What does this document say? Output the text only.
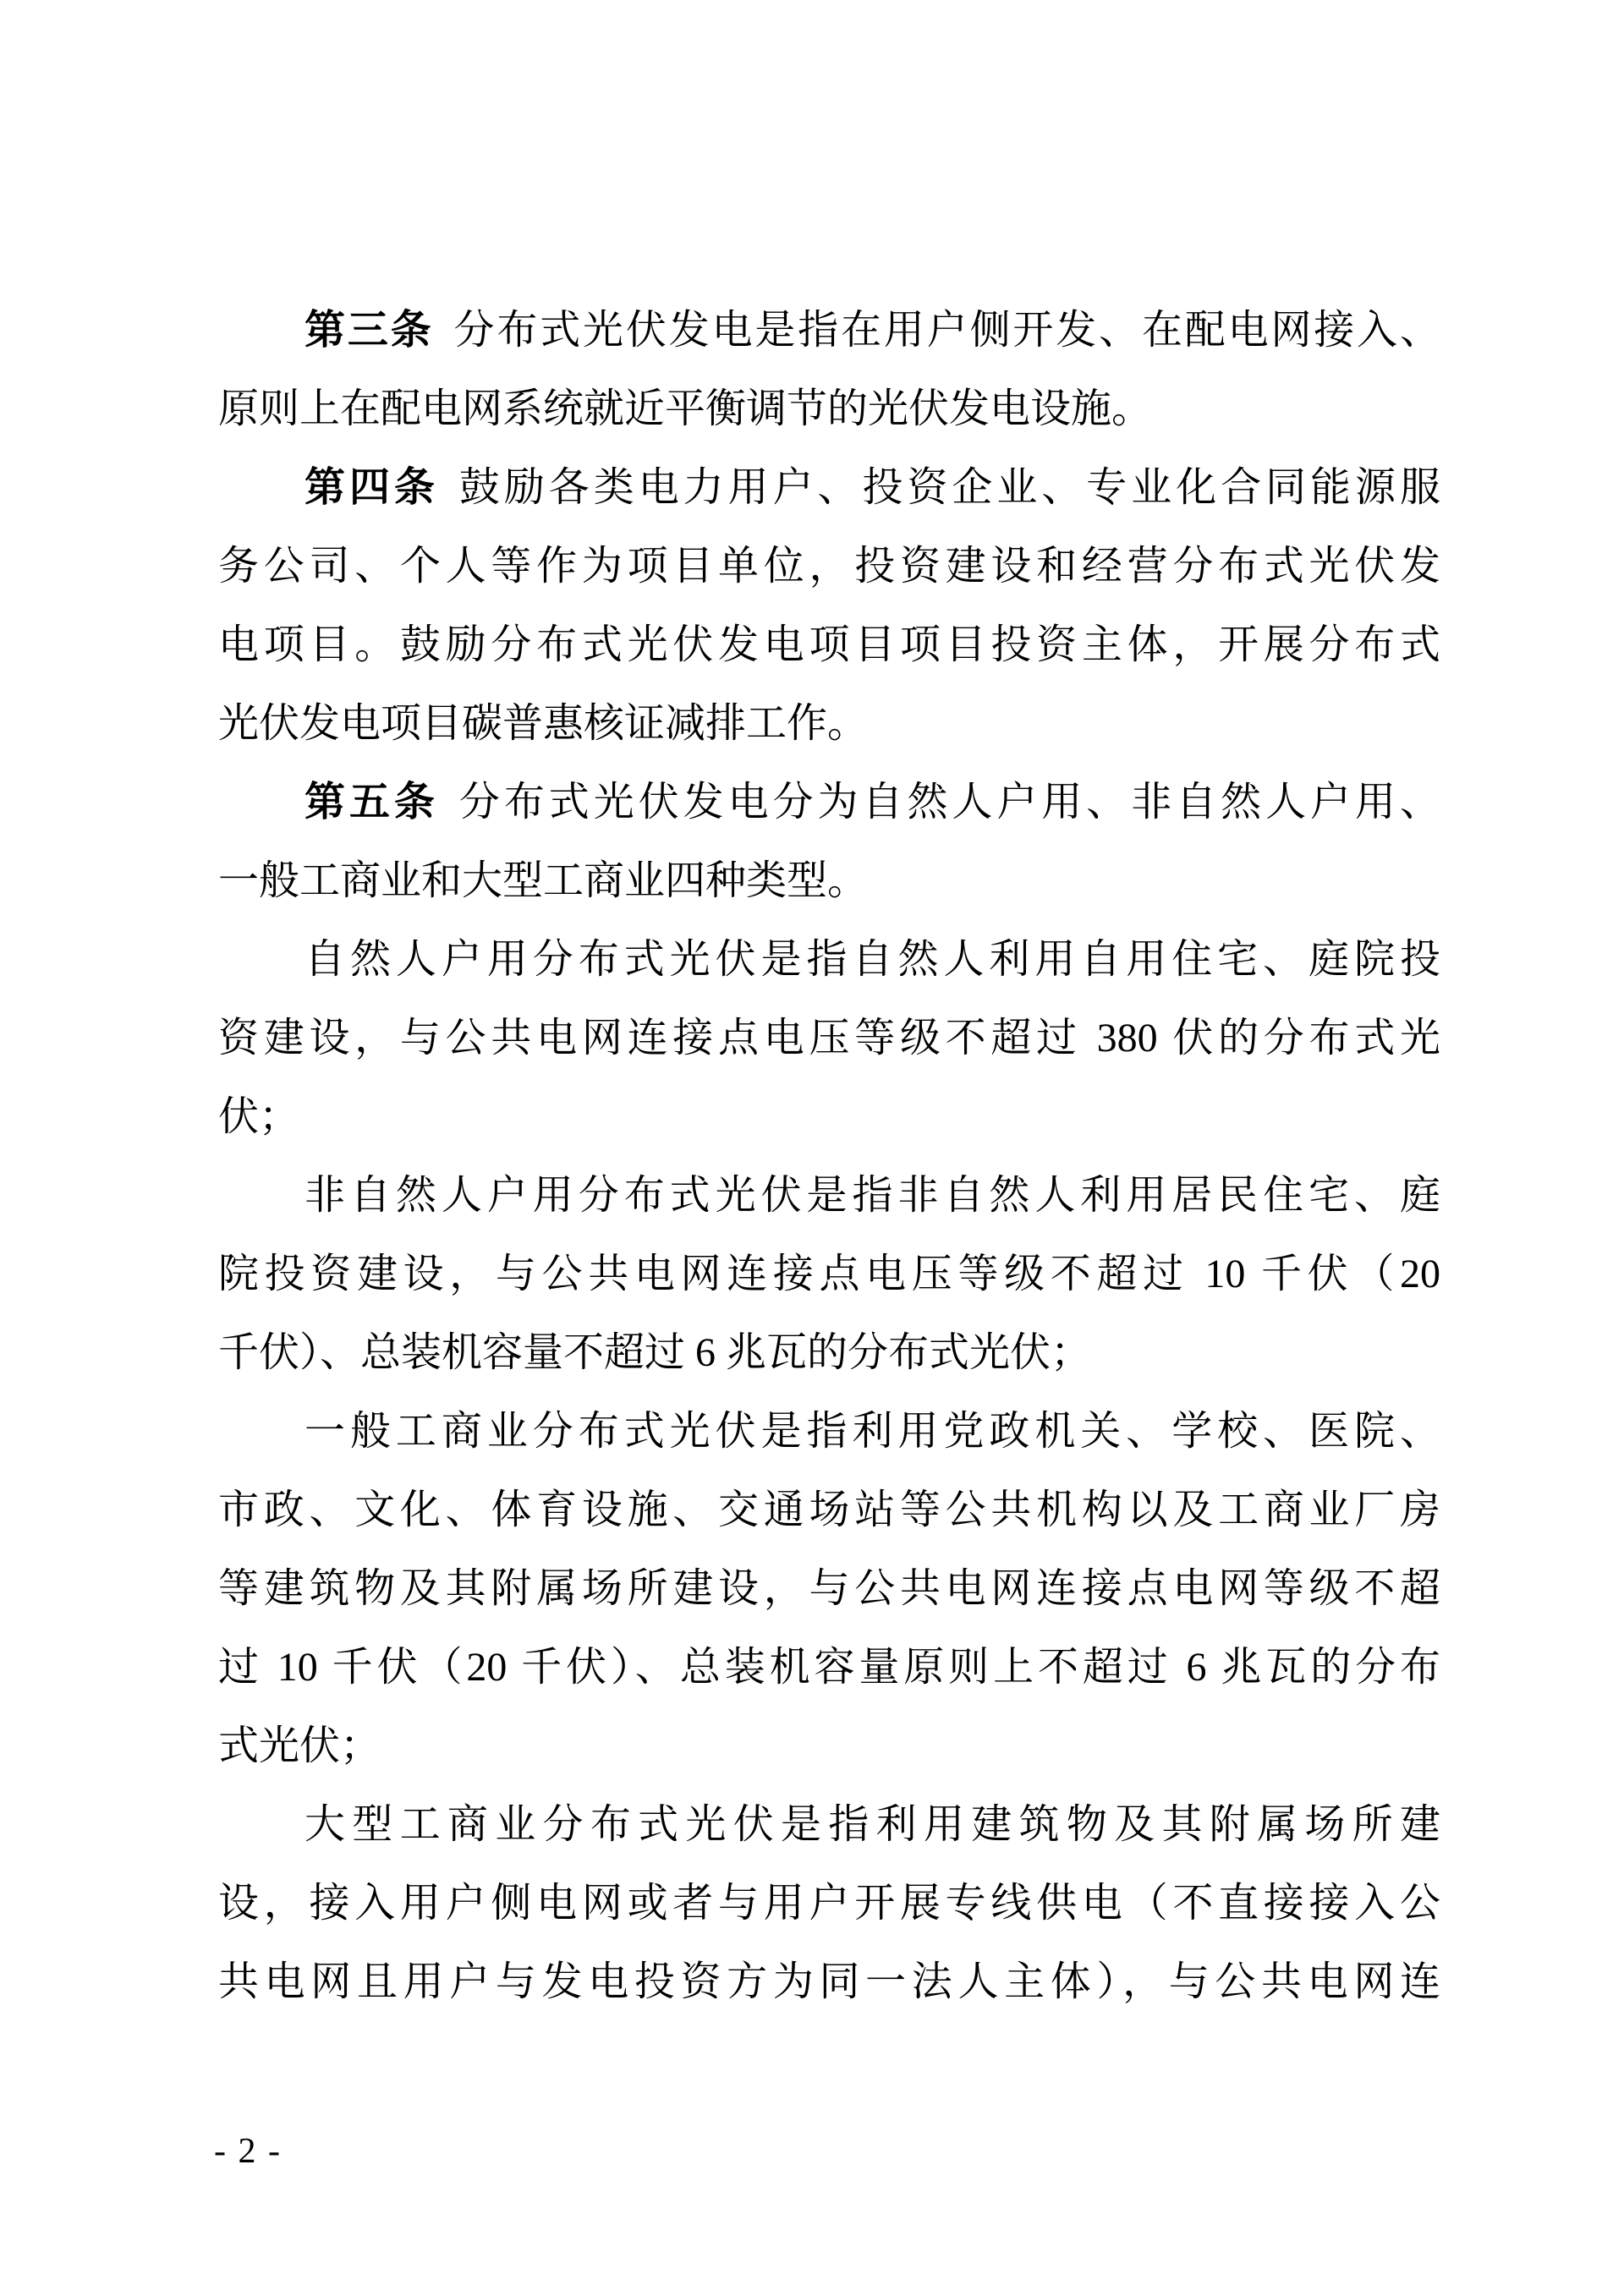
第三条 分布式光伏发电是指在用户侧开发、在配电网接入、
原则上在配电网系统就近平衡调节的光伏发电设施。
第四条 鼓励各类电力用户、投资企业、专业化合同能源服
务公司、个人等作为项目单位，投资建设和经营分布式光伏发
电项目。鼓励分布式光伏发电项目项目投资主体，开展分布式
光伏发电项目碳普惠核证减排工作。
第五条 分布式光伏发电分为自然人户用、非自然人户用、
一般工商业和大型工商业四种类型。
自然人户用分布式光伏是指自然人利用自用住宅、庭院投
资建设，与公共电网连接点电压等级不超过 380 伏的分布式光
伏；
非自然人户用分布式光伏是指非自然人利用居民住宅、庭
院投资建设，与公共电网连接点电压等级不超过 10 千伏（20
千伏）、总装机容量不超过 6 兆瓦的分布式光伏；
一般工商业分布式光伏是指利用党政机关、学校、医院、
市政、文化、体育设施、交通场站等公共机构以及工商业厂房
等建筑物及其附属场所建设，与公共电网连接点电网等级不超
过 10 千伏（20 千伏）、总装机容量原则上不超过 6 兆瓦的分布
式光伏；
大型工商业分布式光伏是指利用建筑物及其附属场所建
设，接入用户侧电网或者与用户开展专线供电（不直接接入公
共电网且用户与发电投资方为同一法人主体），与公共电网连
- 2 -
